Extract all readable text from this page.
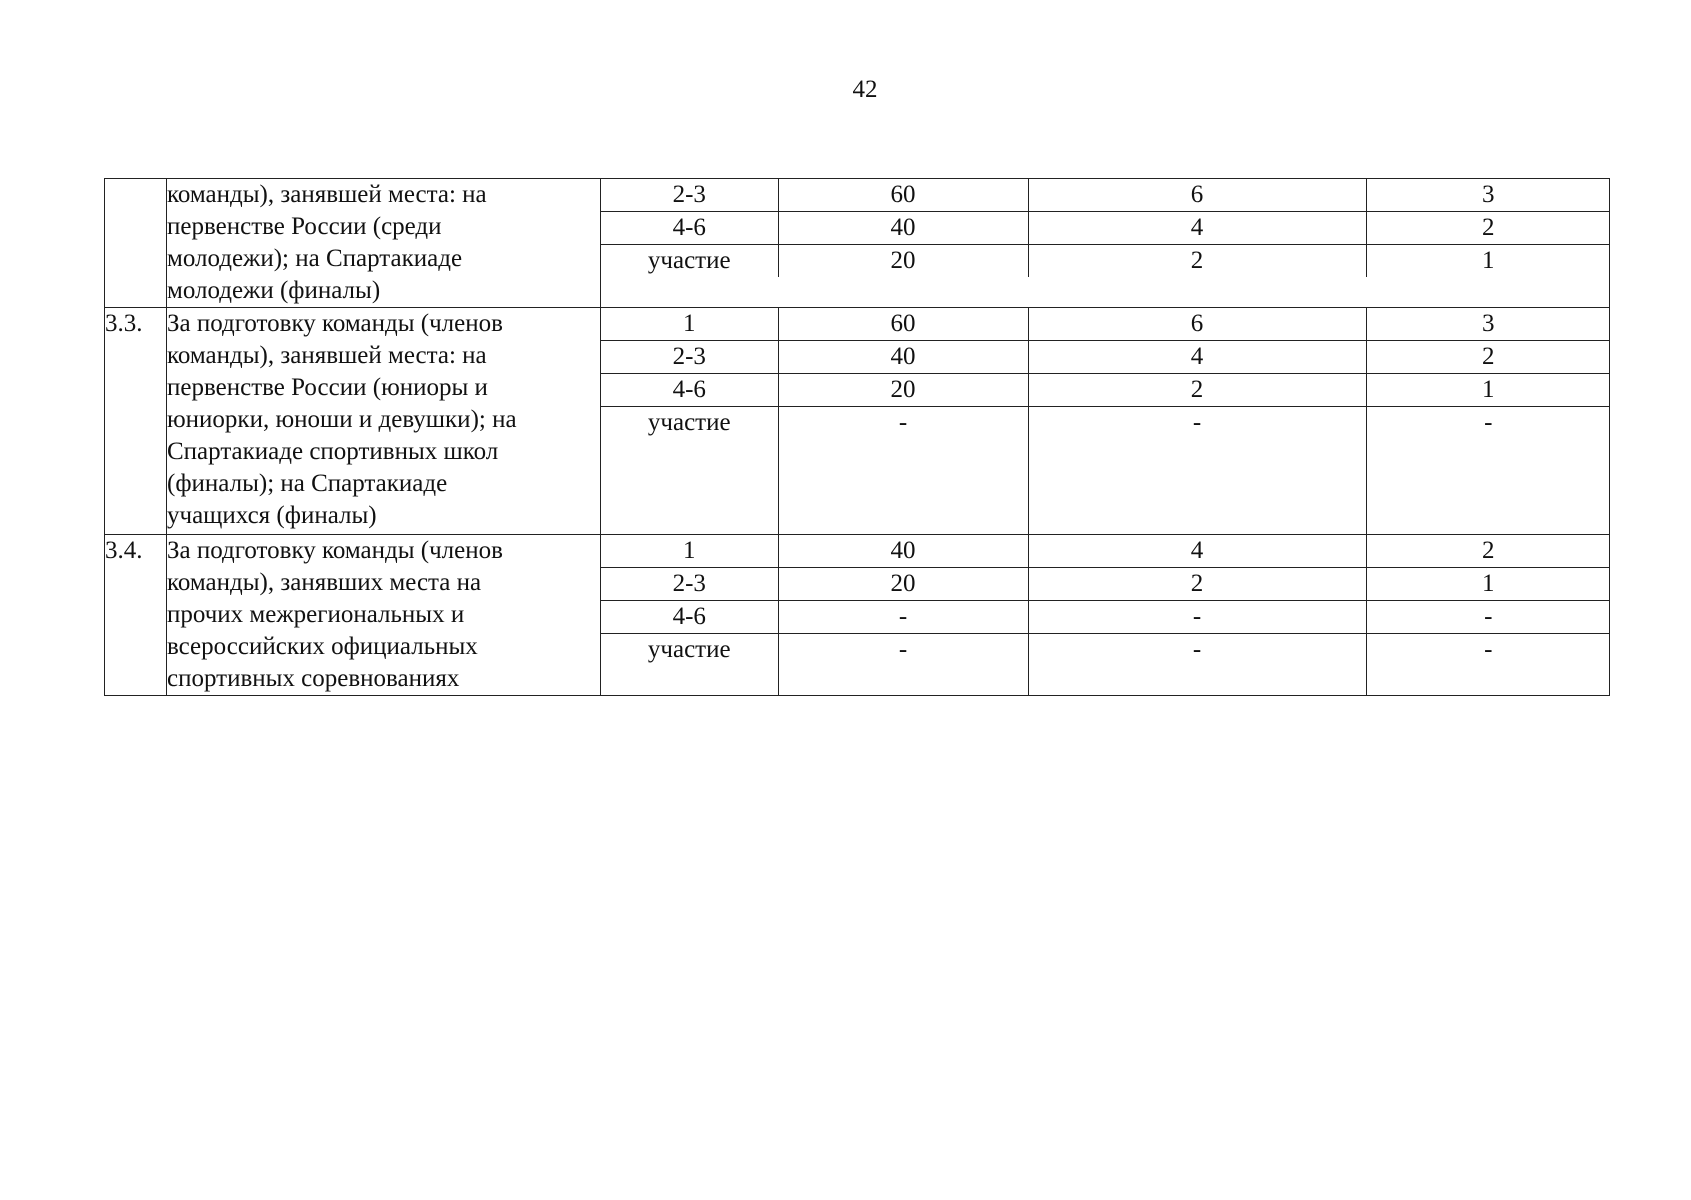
42
	команды), занявшей места: на
первенстве России (среди
молодежи); на Спартакиаде
молодежи (финалы)	
2-3	60	6	3
4-6	40	4	2
участие	20	2	1

3.3.	За подготовку команды (членов
команды), занявшей места: на
первенстве России (юниоры и
юниорки, юноши и девушки); на
Спартакиаде спортивных школ
(финалы); на Спартакиаде
учащихся (финалы)	
1	60	6	3
2-3	40	4	2
4-6	20	2	1
участие	-	-	-

3.4.	За подготовку команды (членов
команды), занявших места на
прочих межрегиональных и
всероссийских официальных
спортивных соревнованиях	
1	40	4	2
2-3	20	2	1
4-6	-	-	-
участие	-	-	-
